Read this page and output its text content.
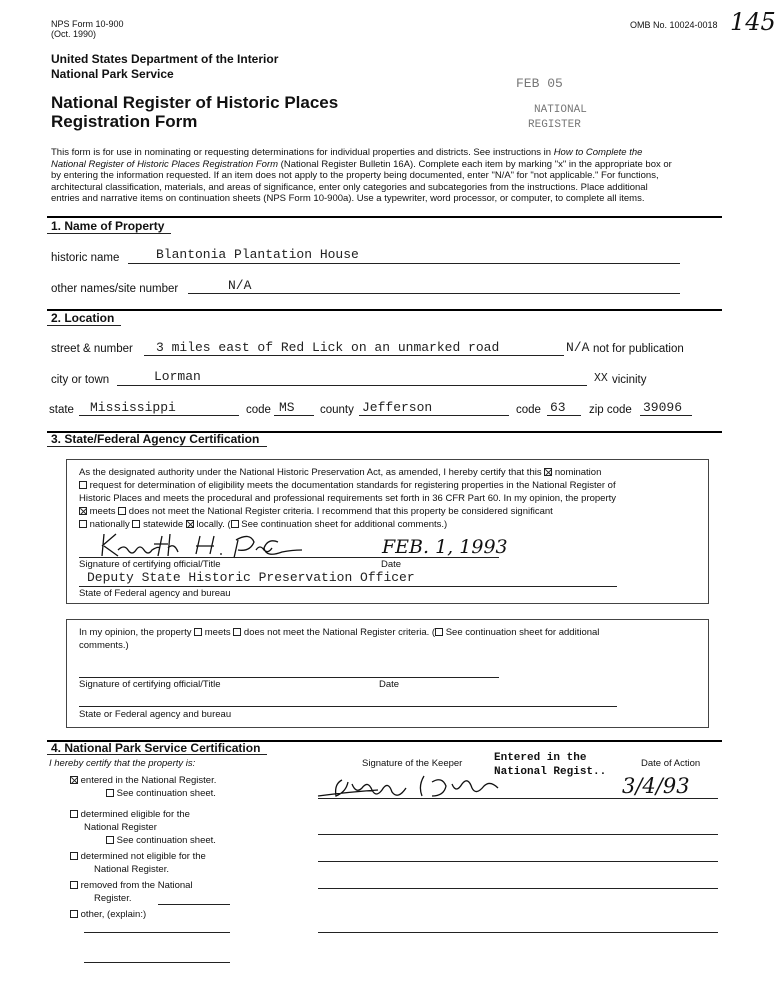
NPS Form 10-900
(Oct. 1990)
OMB No. 10024-0018 145
United States Department of the Interior
National Park Service
National Register of Historic Places
Registration Form
FEB 05
NATIONAL
REGISTER
This form is for use in nominating or requesting determinations for individual properties and districts. See instructions in How to Complete the
National Register of Historic Places Registration Form (National Register Bulletin 16A). Complete each item by marking "x" in the appropriate box or
by entering the information requested. If an item does not apply to the property being documented, enter "N/A" for "not applicable." For functions,
architectural classification, materials, and areas of significance, enter only categories and subcategories from the instructions. Place additional
entries and narrative items on continuation sheets (NPS Form 10-900a). Use a typewriter, word processor, or computer, to complete all items.
1. Name of Property
historic name	Blantonia Plantation House
other names/site number	N/A
2. Location
street & number 3 miles east of Red Lick on an unmarked road	N/A not for publication
city or town	Lorman	XX vicinity
state Mississippi	code MS county Jefferson	code 63 zip code 39096
3. State/Federal Agency Certification
As the designated authority under the National Historic Preservation Act, as amended, I hereby certify that this nomination
request for determination of eligibility meets the documentation standards for registering properties in the National Register of
Historic Places and meets the procedural and professional requirements set forth in 36 CFR Part 60. In my opinion, the property
meets does not meet the National Register criteria. I recommend that this property be considered significant
nationally statewide locally. ( See continuation sheet for additional comments.)
FEB. 1, 1993
Signature of certifying official/Title	Date
Deputy State Historic Preservation Officer
State of Federal agency and bureau
In my opinion, the property meets does not meet the National Register criteria. ( See continuation sheet for additional
comments.)
Signature of certifying official/Title	Date
State or Federal agency and bureau
4. National Park Service Certification
I hereby certify that the property is:	Signature of the Keeper	Date of Action
Entered in the
National Regist..
3/4/93
entered in the National Register.
See continuation sheet.
determined eligible for the
National Register
See continuation sheet.
determined not eligible for the
National Register.
removed from the National
Register.
other, (explain:)
